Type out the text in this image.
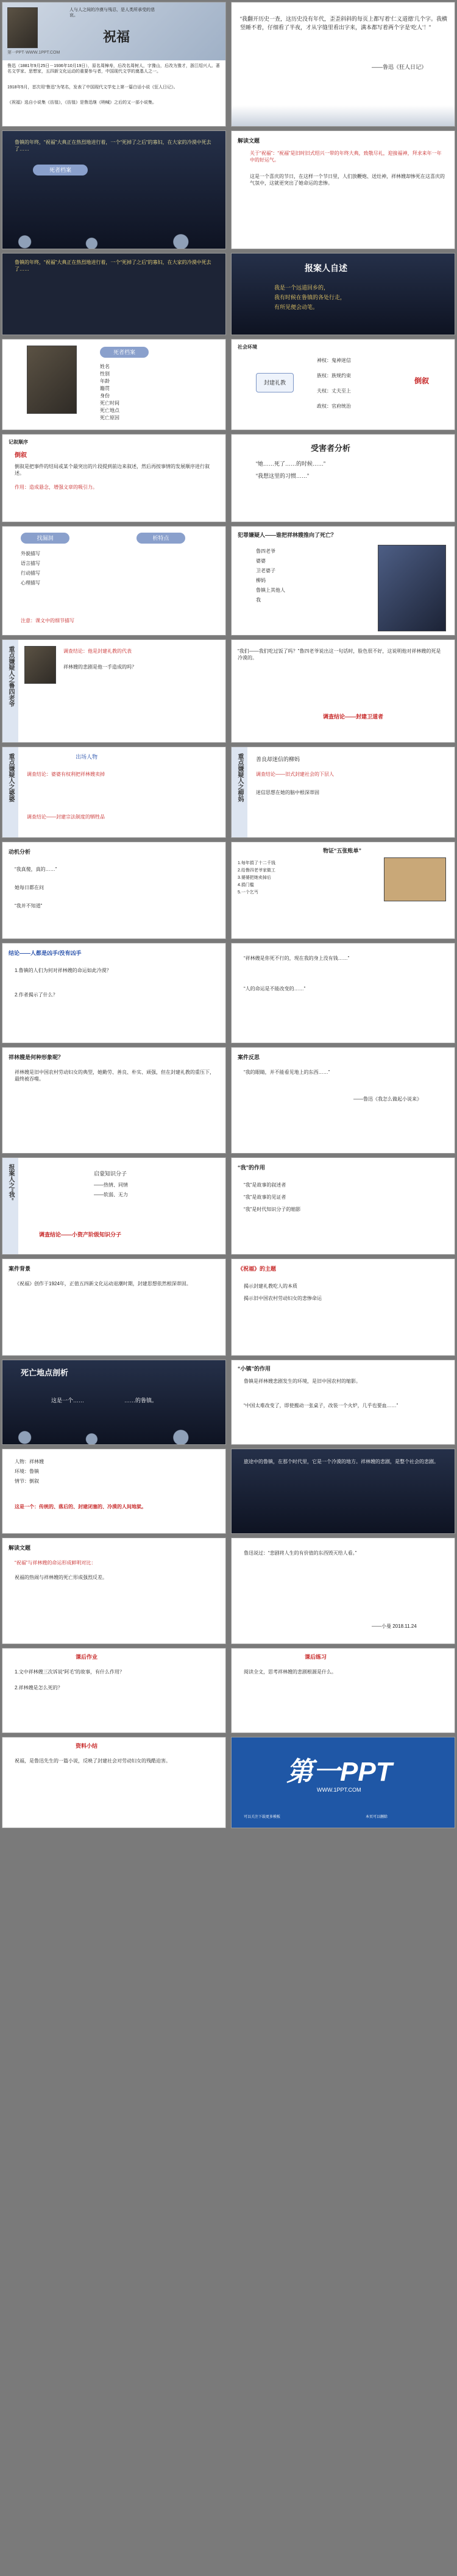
人与人之间的冷漠与残忍，是人类所承受的悲哀。
祝福
第一PPT·WWW.1PPT.COM
鲁迅（1881年9月25日－1936年10月19日），原名周樟寿，后改名周树人，字豫山，后改为豫才，浙江绍兴人。著名文学家、思想家，五四新文化运动的重要参与者，中国现代文学的奠基人之一。
1918年5月，首次用“鲁迅”为笔名，发表了中国现代文学史上第一篇白话小说《狂人日记》。
《祝福》选自小说集《彷徨》，《彷徨》是鲁迅继《呐喊》之后的又一部小说集。
“我翻开历史一查，这历史没有年代，歪歪斜斜的每页上都写着‘仁义道德’几个字。我横竖睡不着，仔细看了半夜，才从字缝里看出字来，满本都写着两个字是‘吃人’！”
——鲁迅《狂人日记》
鲁镇的年终，“祝福”大典正在热烈地进行着，一个“死掉了之后”的寡妇，在大家的冷漠中死去了……
死者档案
解读文题
关于“祝福”：“祝福”是旧时旧式绍兴一带的年终大典，致敬尽礼，迎接福神，拜求来年一年中的好运气。
这是一个喜庆的节日，在这样一个节日里，人们放鞭炮、送灶神，祥林嫂却惨死在这喜庆的气氛中，这就更突出了她命运的悲惨。
鲁镇的年终，“祝福”大典正在热烈地进行着，一个“死掉了之后”的寡妇，在大家的冷漠中死去了……	报案人自述
我是一个远道回乡的，
我有时候在鲁镇的各处行走，
有所见便会动笔。
死者档案
姓名
性别
年龄
籍贯
身份
死亡时间
死亡地点
死亡原因
社会环境
封建礼教
神权：鬼神迷信
族权：族规约束
夫权：丈夫至上
政权：官府统治
倒叙
记叙顺序
倒叙
倒叙是把事件的结局或某个最突出的片段提到前边来叙述，然后再按事情的发展顺序进行叙述。
作用：造成悬念，增强文章的吸引力。
受害者分析
“她……死了……的时候……”
“我想这里的习惯……”
找漏洞	析特点
外貌描写
语言描写
行动描写
心理描写
注意：课文中的细节描写
犯罪嫌疑人——谁把祥林嫂推向了死亡？
鲁四老爷
婆婆
卫老婆子
柳妈
鲁镇上其他人
我
重点嫌疑人之鲁四老爷	调查结论：他是封建礼教的代表
祥林嫂的悲剧是他一手造成的吗？
“我们——我们吃过饭了吗？”鲁四老爷说出这一句话时，脸色很不好，这说明他对祥林嫂的死是冷漠的。
调查结论——封建卫道者
重点嫌疑人之婆婆	出场人物
调查结论：婆婆有权利把祥林嫂卖掉
调查结论——封建宗法制度的牺牲品
重点嫌疑人之柳妈 善良却迷信的柳妈
调查结论——旧式封建社会的下层人
迷信思想在她的脑中根深蒂固
动机分析
“我真傻，真的……”
她每日都在问
“我并不知道”
物证“五张账单”
1.每年捐了十二千钱
2.给鲁四老爷家做工
3.婆婆把她卖掉后
4.捐门槛
5.一个乞丐
结论——人都是凶手/没有凶手
1.鲁镇的人们为何对祥林嫂的命运如此冷漠？
2.作者揭示了什么？
“祥林嫂是你死不行的，现在我的身上没有钱……”
“人的命运是不能改变的……”
祥林嫂是何种形象呢？
祥林嫂是旧中国农村劳动妇女的典型，她勤劳、善良、朴实、顽强，但在封建礼教的重压下，最终被吞噬。
案件反思
“我的眼睛，并不能看见地上的东西……”
——鲁迅《我怎么做起小说来》
报案人之“我”	启蒙知识分子
——热情、同情
——软弱、无力
调查结论——小资产阶级知识分子
“我”的作用
“我”是故事的叙述者
“我”是故事的见证者
“我”是时代知识分子的缩影
案件背景
《祝福》创作于1924年，正值五四新文化运动退潮时期，封建思想依然根深蒂固。
《祝福》的主题
揭示封建礼教吃人的本质
揭示旧中国农村劳动妇女的悲惨命运
死亡地点剖析
这是一个……	……的鲁镇。
“小镇”的作用
鲁镇是祥林嫂悲剧发生的环境，是旧中国农村的缩影。
“中国太难改变了，即使搬动一张桌子，改装一个火炉，几乎也要血……”
人物：祥林嫂
环境：鲁镇
情节：倒叙
这是一个：传统的、落后的、封建闭塞的、冷漠的人间地狱。
旅途中的鲁镇，在那个时代里，它是一个冷漠的地方。祥林嫂的悲剧，是整个社会的悲剧。
解读文题
“祝福”与祥林嫂的命运形成鲜明对比：
祝福的热闹与祥林嫂的死亡形成强烈反差。
鲁迅说过：“悲剧将人生的有价值的东西毁灭给人看。”
——小曼 2018.11.24
课后作业
1.文中祥林嫂三次诉说“阿毛”的故事，有什么作用？
2.祥林嫂是怎么死的？
课后练习
阅读全文，思考祥林嫂的悲剧根源是什么。
资料小结
祝福，是鲁迅先生的一篇小说，反映了封建社会对劳动妇女的残酷迫害。	第一PPT
WWW.1PPT.COM
可以关注下载更多模板	本页可以删除
